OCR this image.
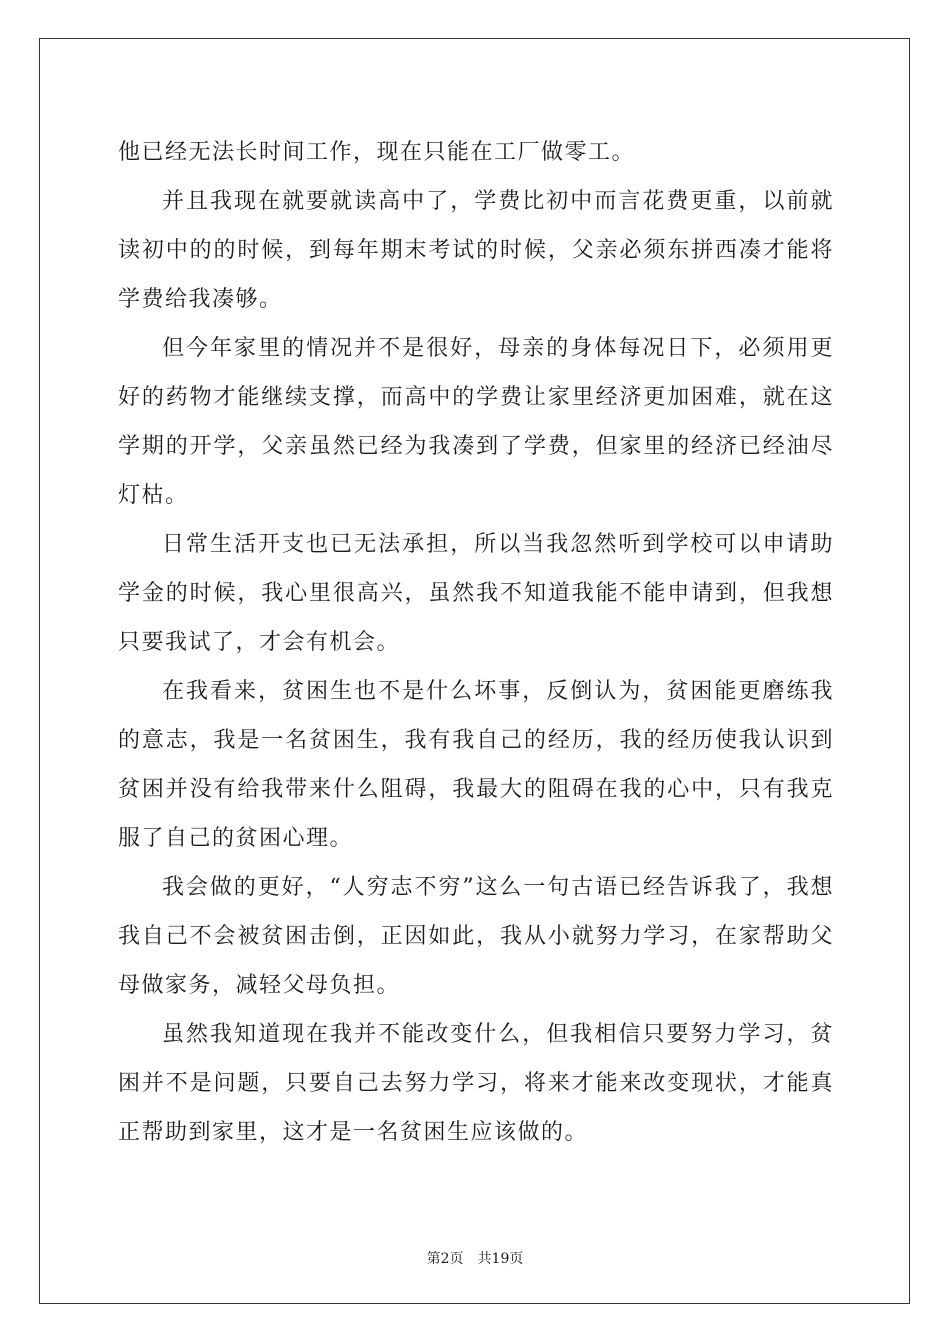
他已经无法长时间工作，现在只能在工厂做零工。

并且我现在就要就读高中了，学费比初中而言花费更重，以前就读初中的的时候，到每年期末考试的时候，父亲必须东拼西凑才能将学费给我凑够。

但今年家里的情况并不是很好，母亲的身体每况日下，必须用更好的药物才能继续支撑，而高中的学费让家里经济更加困难，就在这学期的开学，父亲虽然已经为我凑到了学费，但家里的经济已经油尽灯枯。

日常生活开支也已无法承担，所以当我忽然听到学校可以申请助学金的时候，我心里很高兴，虽然我不知道我能不能申请到，但我想只要我试了，才会有机会。

在我看来，贫困生也不是什么坏事，反倒认为，贫困能更磨练我的意志，我是一名贫困生，我有我自己的经历，我的经历使我认识到贫困并没有给我带来什么阻碍，我最大的阻碍在我的心中，只有我克服了自己的贫困心理。

我会做的更好，“人穷志不穷”这么一句古语已经告诉我了，我想我自己不会被贫困击倒，正因如此，我从小就努力学习，在家帮助父母做家务，减轻父母负担。

虽然我知道现在我并不能改变什么，但我相信只要努力学习，贫困并不是问题，只要自己去努力学习，将来才能来改变现状，才能真正帮助到家里，这才是一名贫困生应该做的。

第2页 共19页
